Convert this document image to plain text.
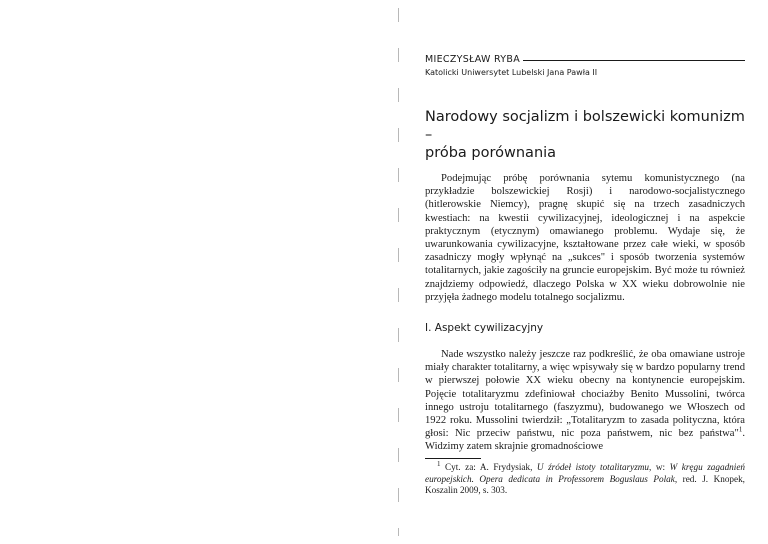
MIECZYSŁAW RYBA
Katolicki Uniwersytet Lubelski Jana Pawła II
Narodowy socjalizm i bolszewicki komunizm –
próba porównania

Podejmując próbę porównania sytemu komunistycznego (na przykładzie bolszewickiej Rosji) i narodowo-socjalistycznego (hitlerowskie Niemcy), pragnę skupić się na trzech zasadniczych kwestiach: na kwestii cywilizacyjnej, ideologicznej i na aspekcie praktycznym (etycznym) omawianego problemu. Wydaje się, że uwarunkowania cywilizacyjne, kształtowane przez całe wieki, w sposób zasadniczy mogły wpłynąć na „sukces" i sposób tworzenia systemów totalitarnych, jakie zagościły na gruncie europejskim. Być może tu również znajdziemy odpowiedź, dlaczego Polska w XX wieku dobrowolnie nie przyjęła żadnego modelu totalnego socjalizmu.

I. Aspekt cywilizacyjny

Nade wszystko należy jeszcze raz podkreślić, że oba omawiane ustroje miały charakter totalitarny, a więc wpisywały się w bardzo popularny trend w pierwszej połowie XX wieku obecny na kontynencie europejskim. Pojęcie totalitaryzmu zdefiniował chociażby Benito Mussolini, twórca innego ustroju totalitarnego (faszyzmu), budowanego we Włoszech od 1922 roku. Mussolini twierdził: „Totalitaryzm to zasada polityczna, która głosi: Nic przeciw państwu, nic poza państwem, nic bez państwa"$^1$. Widzimy zatem skrajnie gromadnościowe

$^1$ Cyt. za: A. Frydysiak, U źródeł istoty totalitaryzmu, w: W kręgu zagadnień europejskich. Opera dedicata in Professorem Boguslaus Polak, red. J. Knopek, Koszalin 2009, s. 303.
